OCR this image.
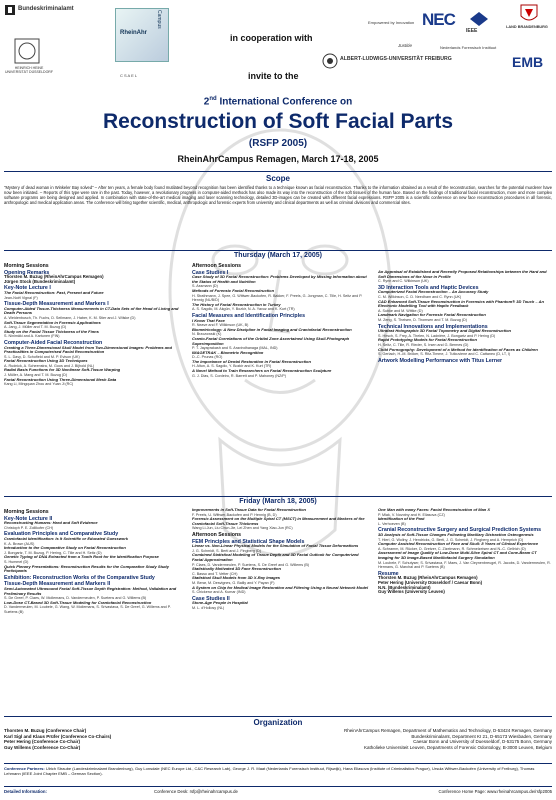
Bundeskriminalamt
HEINRICH HEINE UNIVERSITÄT DÜSSELDORF
RheinAhr
Campus
C S A E L
Empowered by Innovation NEC
IEEE
LAND BRANDENBURG
Justitie	Nederlands Forensisch Instituut
ALBERT-LUDWIGS-UNIVERSITÄT FREIBURG	EMB
in cooperation with
invite to the
2nd International Conference on
Reconstruction of Soft Facial Parts
(RSFP 2005)
RheinAhrCampus Remagen, March 17-18, 2005
Scope
"Mystery of dead woman in Winkeler Bay solved" – After ten years, a female body found mutilated beyond recognition has been identified thanks to a technique known as facial reconstruction. Thanks to the information obtained as a result of the reconstruction, searches for the potential murderer have now been initiated. – Reports of this type were rare in the past. Today, however, a revolutionary progress in computer-aided methods has also made its way into the reconstruction of the soft tissues of the human face. Based on the findings of traditional facial reconstruction, more and more complex software programs are being designed and applied. In combination with state-of-the-art medical imaging and laser scanning technology, detailed 3D-images can be created with different facial expressions. RSFP 2005 is a scientific conference on new face reconstruction procedures in all forensic, anthropologic and medical application areas. The conference will bring together scientific, medical, anthropologic and forensic experts from university and clinical departments as well as criminal divisions and commercial sites.
Thursday (March 17, 2005)
Morning Sessions
Opening Remarks
Thorsten M. Buzug (RheinAhrCampus Remagen)
Jürgen Stock (Bundeskriminalamt)
Key-Note Lecture I
The Facial Reconstruction: Past, Present and Future
Jean-Noël Vignal (F)
Tissue-Depth Measurement and Markers I
Computer-Aided Tissue-Thickness Measurements in CT-Data Sets of the Head of Living and Death Persons
A. Weidenbusch, Th. Fuchs, D. Seilmann, J. Haber, K. M. Stier and J. Wilske (D)
Soft-Tissue Segmentation in Forensic Applications
A. Jang, J. Müller and T. M. Buzug (D)
Study on the Facial Tissue Thickness of the Finns
S. Ninimäki and A. Kartunen (FIN)
Computer-Aided Facial Reconstruction
Creating a Three-Dimensional Skull Model from Two-Dimensional Images: Problems and Practicalities in Computerised Facial Reconstruction
S. L. Davy, D. Schofield and M. P. Evison (UK)
Facial Reconstruction Using 3D Techniques
A. Rudnick, A. Scheenstra, M. Goos and J. Bijhold (NL)
Radial Basis Functions for 3D Nonlinear Soft-Tissue Warping
J. Müller, A. Mang and T. M. Buzug (D)
Facial Reconstruction Using Three-Dimensional Mesh Data
Kang Li, Mingquan Zhou and Yuan Ji (RC)
Afternoon Sessions
Case Studies I
Case Study of 3D Facial Reconstruction: Problems Developed by Missing Information about the Status of Health and Nutrition
S. Assmann (D)
Methods of Forensic Facial Reconstruction
H. Strathmann, J. Spee, G. Wittwer-Backofen, R. Bakker, F. Preels, G. Jongman, C. Tille, H. Seitz and P. Hennig (NL/B/D)
The History of Facial Reconstruction in Turkey
A. S. Sagdic, M. Akgün, Y. Bozkir, N. A. Yavuz and K. Kurt (TR)
Facial Measures and Identification Principles
I Know That Face
R. Neave and F. Wilkinson (UK, B)
Biometricology: A New Discipline in Facial Imaging and Craniofacial Reconstruction
N. Brzozowski (K)
Cranio-Facial Correlations of the Orbital Zone Ascertained Using Skull-Photograph Superimposition
P. T. Jayaprakash and S. Aravindhanaga (MAL, IND)
IMAGETRAK – Biometric Recognition
D.-C. Prunas (RO)
The Importance of Dental Restoration in Facial Reconstruction
H. Altun, A. S. Sagdic, Y. Bozkir and K. Kurt (TR)
A Novel Method to Train Researchers on Facial Reconstruction Sculpture
G. J. Dias, S. Cordeiro, R. Barrett and P. Mahoney (NZ/P)
An Appraisal of Established and Recently Proposed Relationships between the Hard and Soft Dimensions of the Nose in Profile
C. Rynn and C. Wilkinson (UK)
3D Interaction Tools and Haptic Devices
Computerized Facial Reconstruction – An Accuracy Study
C. M. Wilkinson, C. D. Needham and C. Rynn (UK)
CAD Enhanced Soft-Tissue Reconstruction in Forensics with Phantom® 3D Touch – An Electronic Modelling Tool with Haptic Feedback
A. Subke and M. Wittke (D)
Landmark Navigation for Forensic Facial Reconstruction
M. Zeng, S. Theisen, D. Thomsen and T. M. Buzug (D)
Technical Innovations and Implementations
Ultrafast Holographic 3D Facial Topometry and Digital Reconstruction
S. Hirsch, S. Frey, A. Thelen, N. Ladnière, J. Bongartz and P. Hering (D)
Rapid Prototyping Models for Facial Reconstruction
H. Seitz, C. Tille, R. Rieder, S. Irsen and G. Bermes (D)
Child Pornography: Development of a Method for Identification of Faces as Children
S. Gerlach, H.-M. Bröker, S. Ritz-Timme, J. Tutkuviene and C. Cattaneo (D, LT, I)
Artwork Modelling Performance with Titus Lerner
Friday (March 18, 2005)
Morning Sessions
Key-Note Lecture II
Reconstructing Humans: Hard and Soft Evidence
Christoph P. E. Zollikofer (CH)
Evaluation Principles and Comparative Study
Craniofacial Identification: Is It Scientific or Educated Guesswork
K. A. Brown (AUS)
Introduction to the Comparative Study on Facial Reconstruction
J. Bongartz, T. M. Buzug, P. Hering, C. Tille and H. Seitz (D)
Genetic Typing of DNA Extracted from a Tooth Root for the Identification Purpose
S. Hummel (D)
Quick Plenary Presentations: Reconstruction Results for the Comparative Study Study Participants
Exhibition: Reconstruction Works of the Comparative Study
Tissue-Depth Measurement and Markers II
Semi-Automated Ultrasound Facial Soft-Tissue Depth Registration: Method, Validation and Preliminary Results
S. De Greef, P. Claes, W. Mollemans, D. Vandermeulen, P. Suetens and G. Willems (B)
Low-Dose CT-Based 3D Soft-Tissue Modeling for Craniofacial Reconstruction
D. Vandermeulen, M. Loubele, G. Wang, W. Mollemans, S. Srivastava, S. De Greef, G. Willems and P. Suetens (B)
Improvements in Soft-Tissue Data for Facial Reconstruction
F. Preels, U. Wittwer-Backofen and P. Hennig (B, D)
Forensic Assessment on the Multiple Spiral CT (MSCT) in Measurement and Markers of the Craniofacial Soft-Tissue Thickness
Wang Li-Jun, Liu Chun-Jie, Lei Zhen and Yang Xiao-Jun (RC)
Afternoon Sessions
FEM Principles and Statistical Shape Models
Linear vs. Non-Linear Physical Models for the Simulation of Facial Tissue Deformations
J. G. Schmidt, S. Berti and J. Fingberg (D)
Combined Statistical Modeling of Tissue Depth and 3D Facial Outlook for Computerized Facial Approximation
P. Claes, D. Vandermeulen, P. Suetens, S. De Greef and G. Willems (B)
Statistically Motivated 3D Face Reconstruction
C. Basso and T. Vetter (CH)
Statistical Skull Models from 3D X-Ray Images
M. Berar, M. Desvignes, G. Bailly and Y. Payan (F)
A System on Chip for Medical Image Restoration and Filtering Using a Neural Network Model
S. Chickerur and A. Kumar (IND)
Case Studies II
Stone-Age People in Hospital
M. L. d'Hollosy (NL)
One Man with many Faces: Facial Reconstruction of Man X
P. Mlak, V. Novotny and H. Eliasova (CZ)
Identification of the Past
L. Verhoeven (B)
Cranial Reconstructive Surgery and Surgical Prediction Systems
3D Analysis of Soft-Tissue Changes Following Maxillary Distraction Osteogenesis
T. Hierl, G. Wollny, J. Hendricks, G. Berti, J. G. Schmidt, J. Fingberg and A. Hemprich (D)
Computer Assisted Reconstruction of Face and Skull: 8 Years of Clinical Experience
A. Schramm, M. Rücker, D. Gretzer, C. Zizelmann, R. Schmelzeisen and N.-C. Gellrich (D)
Assessment of Image Quality of Low-Dose Multi-Slice Spiral CT and Cone-Beam CT Imaging for 3D Image-Based Maxillofacial Surgery Simulation
M. Loubele, F. Schutyser, S. Srivastava, F. Maes, J. Van Cleynenbreugel, R. Jacobs, D. Vandermeulen, R. Hermans, G. Marchal and P. Suetens (B)
Resume
Thorsten M. Buzug (RheinAhrCampus Remagen)
Peter Hering (University Düsseldorf / Caesar Bonn)
N.N. (Bundeskriminalamt)
Guy Willems (University Leuven)
Organization
Thorsten M. Buzug (Conference Chair)
Karl Sigl and Klaus Prüfer (Conference Co-Chairs)
Peter Hering (Conference Co-Chair)
Guy Willems (Conference Co-Chair)
RheinAhrCampus Remagen, Department of Mathematics and Technology, D-53424 Remagen, Germany
Bundeskriminalamt, Department KI 21, D-65173 Wiesbaden, Germany
Caesar Bonn and University of Duesseldorf, D-53175 Bonn, Germany
Katholieke Universiteit Leuven, Departments of Forensic Odontology, B-3000 Leuven, Belgium
Conference Partners: Ulrich Straube (Landeskriminalamt Brandenburg), Guy Lonsdale (NEC Europe Ltd., C&C Research Lab), George J. R. Maat (Nederlands Forensisch Instituut, Rijswijk), Hana Eliasova (Institute of Criminalistics Prague), Ursula Wittwer-Backofen (University of Freiburg), Thomas Lehmann (IEEE Joint Chapter EMB – German Section).
Detailed Information:	Conference Desk: rsfp@rheinahrcampus.de	Conference Home Page: www.rheinahrcampus.de/rsfp2005
